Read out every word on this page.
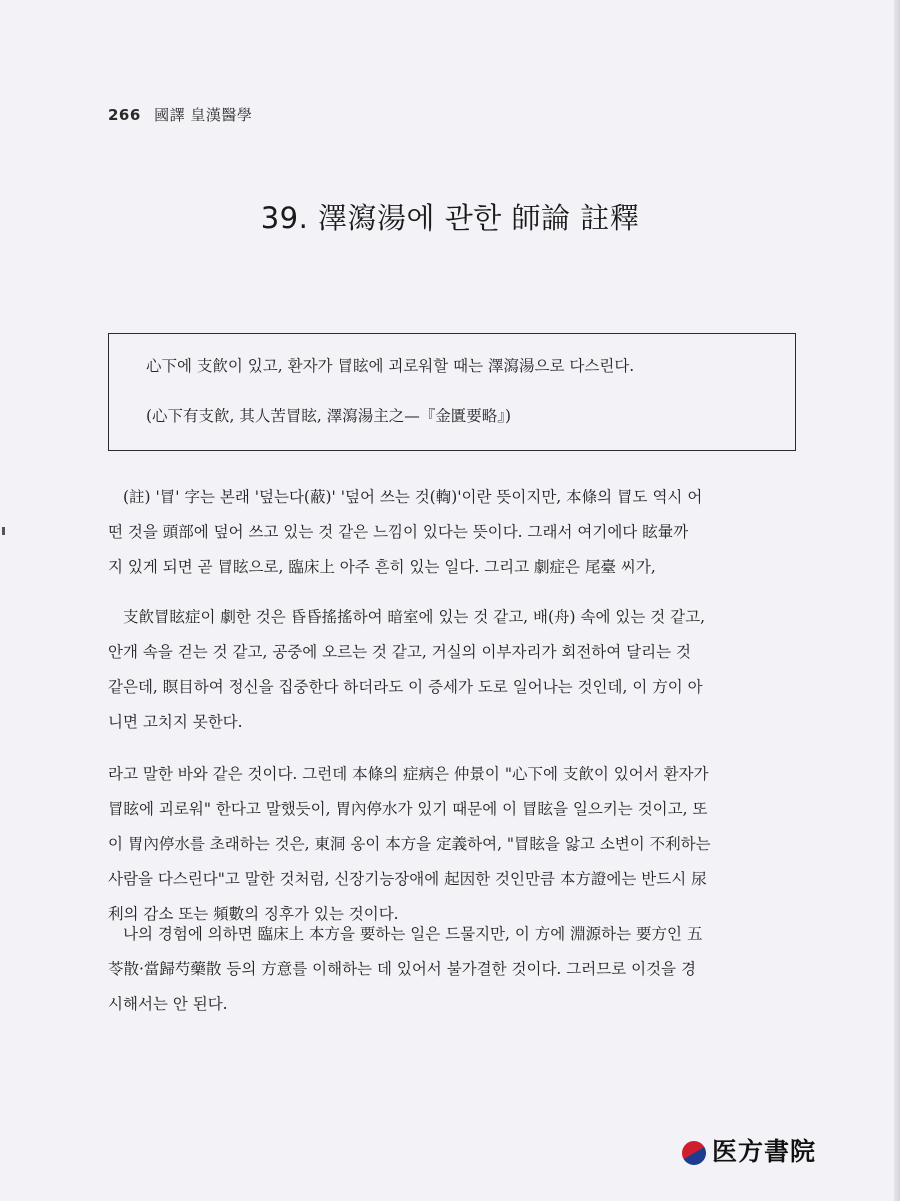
266 國譯 皇漢醫學
39. 澤瀉湯에 관한 師論 註釋
心下에 支飮이 있고, 환자가 冒眩에 괴로워할 때는 澤瀉湯으로 다스린다.
(心下有支飮, 其人苦冒眩, 澤瀉湯主之—『金匱要略』)
(註) '冒' 字는 본래 '덮는다(蔽)' '덮어 쓰는 것(輷)'이란 뜻이지만, 本條의 冒도 역시 어
떤 것을 頭部에 덮어 쓰고 있는 것 같은 느낌이 있다는 뜻이다. 그래서 여기에다 眩暈까
지 있게 되면 곧 冒眩으로, 臨床上 아주 흔히 있는 일다. 그리고 劇症은 尾臺 씨가,
支飮冒眩症이 劇한 것은 昏昏搖搖하여 暗室에 있는 것 같고, 배(舟) 속에 있는 것 같고,
안개 속을 걷는 것 같고, 공중에 오르는 것 같고, 거실의 이부자리가 회전하여 달리는 것
같은데, 瞑目하여 정신을 집중한다 하더라도 이 증세가 도로 일어나는 것인데, 이 方이 아
니면 고치지 못한다.
라고 말한 바와 같은 것이다. 그런데 本條의 症病은 仲景이 "心下에 支飮이 있어서 환자가
冒眩에 괴로워" 한다고 말했듯이, 胃內停水가 있기 때문에 이 冒眩을 일으키는 것이고, 또
이 胃內停水를 초래하는 것은, 東洞 옹이 本方을 定義하여, "冒眩을 앓고 소변이 不利하는
사람을 다스린다"고 말한 것처럼, 신장기능장애에 起因한 것인만큼 本方證에는 반드시 尿
利의 감소 또는 頻數의 징후가 있는 것이다.
나의 경험에 의하면 臨床上 本方을 要하는 일은 드물지만, 이 方에 淵源하는 要方인 五
苓散·當歸芍藥散 등의 方意를 이해하는 데 있어서 불가결한 것이다. 그러므로 이것을 경
시해서는 안 된다.
医方書院
